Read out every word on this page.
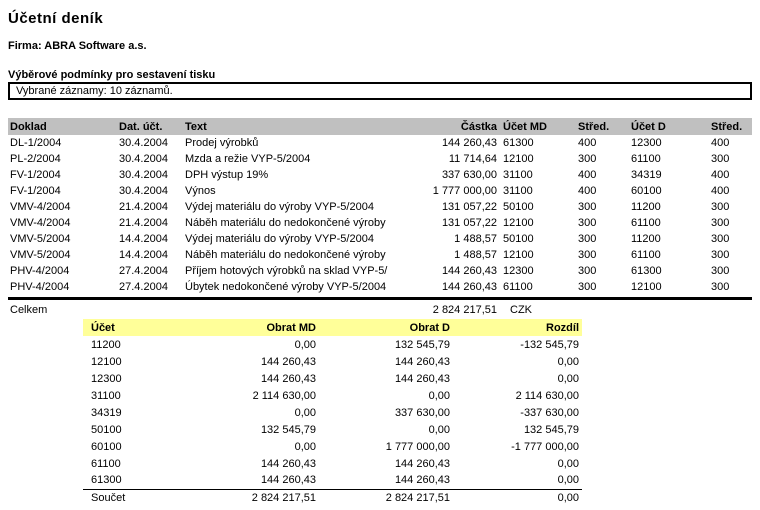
Účetní deník
Firma: ABRA Software a.s.
Výběrové podmínky pro sestavení tisku
Vybrané záznamy: 10 záznamů.
Doklad	Dat. účt.	Text	Částka	Účet MD	Střed.	Účet D	Střed.
DL-1/2004	30.4.2004	Prodej výrobků	144 260,43	61300	400	12300	400
PL-2/2004	30.4.2004	Mzda a režie VYP-5/2004	11 714,64	12100	300	61100	300
FV-1/2004	30.4.2004	DPH výstup 19%	337 630,00	31100	400	34319	400
FV-1/2004	30.4.2004	Výnos	1 777 000,00	31100	400	60100	400
VMV-4/2004	21.4.2004	Výdej materiálu do výroby VYP-5/2004	131 057,22	50100	300	11200	300
VMV-4/2004	21.4.2004	Náběh materiálu do nedokončené výroby	131 057,22	12100	300	61100	300
VMV-5/2004	14.4.2004	Výdej materiálu do výroby VYP-5/2004	1 488,57	50100	300	11200	300
VMV-5/2004	14.4.2004	Náběh materiálu do nedokončené výroby	1 488,57	12100	300	61100	300
PHV-4/2004	27.4.2004	Příjem hotových výrobků na sklad VYP-5/	144 260,43	12300	300	61300	300
PHV-4/2004	27.4.2004	Úbytek nedokončené výroby VYP-5/2004	144 260,43	61100	300	12100	300
Celkem	2 824 217,51 CZK
Účet	Obrat MD	Obrat D	Rozdíl
11200	0,00	132 545,79	-132 545,79
12100	144 260,43	144 260,43	0,00
12300	144 260,43	144 260,43	0,00
31100	2 114 630,00	0,00	2 114 630,00
34319	0,00	337 630,00	-337 630,00
50100	132 545,79	0,00	132 545,79
60100	0,00	1 777 000,00	-1 777 000,00
61100	144 260,43	144 260,43	0,00
61300	144 260,43	144 260,43	0,00
Součet	2 824 217,51	2 824 217,51	0,00
